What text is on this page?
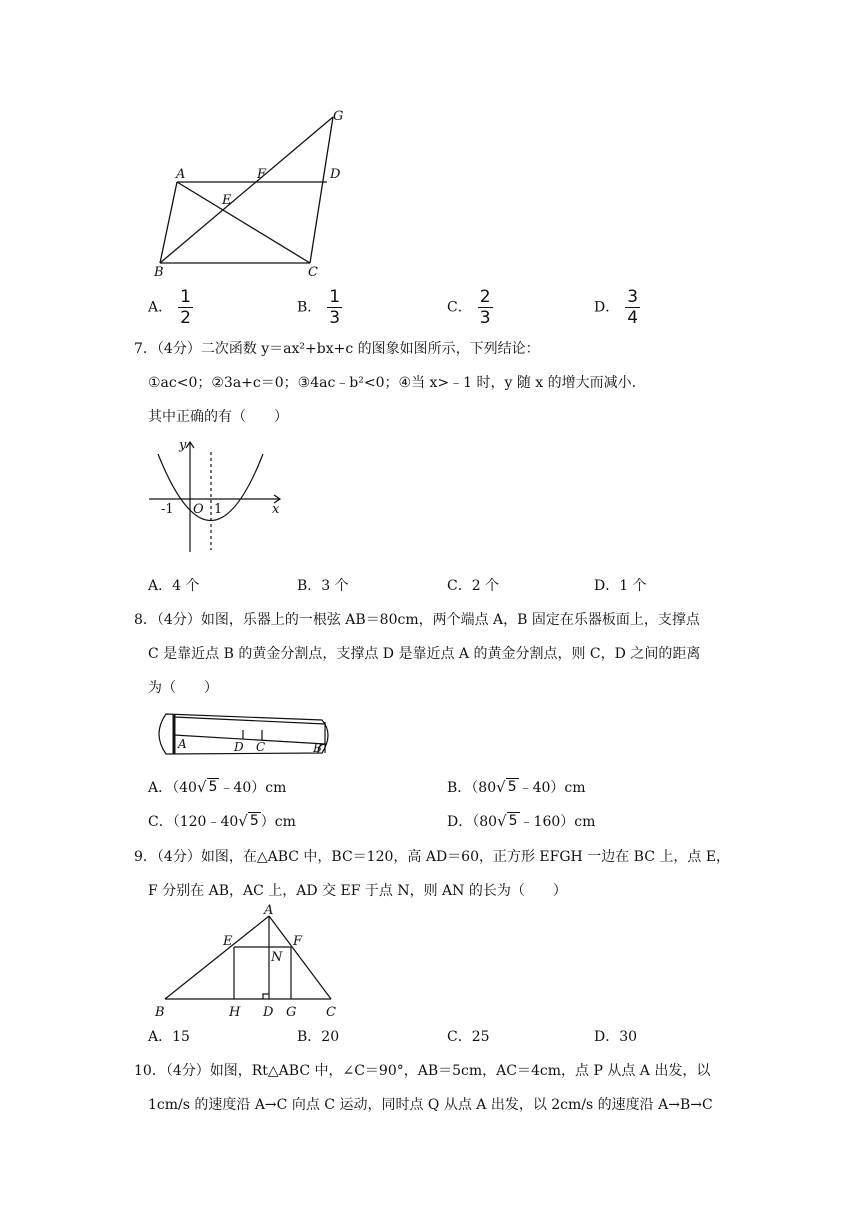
G
A	F	D
E
B	C
A． $\frac{1}{2}$	B． $\frac{1}{3}$	C． $\frac{2}{3}$	D． $\frac{3}{4}$
7．（4分）二次函数 y＝ax²+bx+c 的图象如图所示，下列结论：
①ac<0；②3a+c＝0；③4ac﹣b²<0；④当 x>﹣1 时，y 随 x 的增大而减小.
其中正确的有（　　）
y
x
O
-1	1
A．4 个	B．3 个	C．2 个	D．1 个
8．（4分）如图，乐器上的一根弦 AB＝80cm，两个端点 A，B 固定在乐器板面上，支撑点
C 是靠近点 B 的黄金分割点，支撑点 D 是靠近点 A 的黄金分割点，则 C，D 之间的距离
为（　　）
A	D C	B
A．（40 √ 5 ﹣40）cm	B．（80 √ 5 ﹣40）cm
C．（120﹣40 √ 5 ）cm	D．（80 √ 5 ﹣160）cm
9．（4分）如图，在△ABC 中，BC＝120，高 AD＝60，正方形 EFGH 一边在 BC 上，点 E，
F 分别在 AB，AC 上，AD 交 EF 于点 N，则 AN 的长为（　　）
A
E	F
N
B	H D G C
A．15	B．20	C．25	D．30
10．（4分）如图，Rt△ABC 中，∠C＝90°，AB＝5cm，AC＝4cm，点 P 从点 A 出发，以
1cm/s 的速度沿 A→C 向点 C 运动，同时点 Q 从点 A 出发，以 2cm/s 的速度沿 A→B→C
